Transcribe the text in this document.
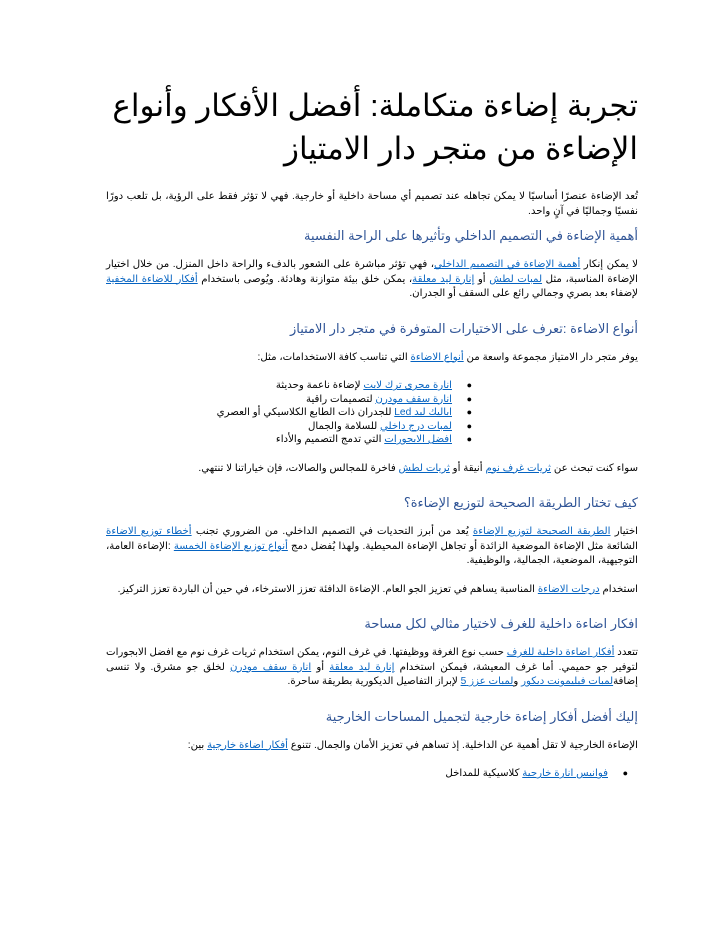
تجربة إضاءة متكاملة: أفضل الأفكار وأنواع الإضاءة من متجر دار الامتياز

تُعد الإضاءة عنصرًا أساسيًا لا يمكن تجاهله عند تصميم أي مساحة داخلية أو خارجية. فهي لا تؤثر فقط على الرؤية، بل تلعب دورًا نفسيًا وجماليًا في آنٍ واحد.

أهمية الإضاءة في التصميم الداخلي وتأثيرها على الراحة النفسية

لا يمكن إنكار أهمية الإضاءة في التصميم الداخلي، فهي تؤثر مباشرة على الشعور بالدفء والراحة داخل المنزل. من خلال اختيار الإضاءة المناسبة، مثل لمبات لطش أو إنارة ليد معلقة، يمكن خلق بيئة متوازنة وهادئة. ويُوصى باستخدام أفكار للاضاءة المخفية لإضفاء بعد بصري وجمالي رائع على السقف أو الجدران.

أنواع الاضاءة :تعرف على الاختيارات المتوفرة في متجر دار الامتياز

يوفر متجر دار الامتياز مجموعة واسعة من أنواع الاضاءة التي تناسب كافة الاستخدامات، مثل:

●
انارة مجرى ترك لايت لإضاءة ناعمة وحديثة
●
انارة سقف مودرن لتصميمات راقية
●
اباليك ليد Led للجدران ذات الطابع الكلاسيكي أو العصري
●
لمبات درج داخلي للسلامة والجمال
●
افضل الابجورات التي تدمج التصميم والأداء

سواء كنت تبحث عن ثريات غرف نوم أنيقة أو ثريات لطش فاخرة للمجالس والصالات، فإن خياراتنا لا تنتهي.

كيف تختار الطريقة الصحيحة لتوزيع الإضاءة؟

اختيار الطريقة الصحيحة لتوزيع الإضاءة يُعد من أبرز التحديات في التصميم الداخلي. من الضروري تجنب أخطاء توزيع الاضاءة الشائعة مثل الإضاءة الموضعية الزائدة أو تجاهل الإضاءة المحيطية. ولهذا يُفضل دمج أنواع توزيع الإضاءة الخمسة :الإضاءة العامة، التوجيهية، الموضعية، الجمالية، والوظيفية.

استخدام درجات الاضاءة المناسبة يساهم في تعزيز الجو العام. الإضاءة الدافئة تعزز الاسترخاء، في حين أن الباردة تعزز التركيز.

افكار اضاءة داخلية للغرف لاختيار مثالي لكل مساحة

تتعدد أفكار اضاءة داخلية للغرف حسب نوع الغرفة ووظيفتها. في غرف النوم، يمكن استخدام ثريات غرف نوم مع افضل الابجورات لتوفير جو حميمي. أما غرف المعيشة، فيمكن استخدام إنارة ليد معلقة أو انارة سقف مودرن لخلق جو مشرق. ولا تنسى إضافةلمبات فيليمونت ديكور ولمبات عزز 5 لإبراز التفاصيل الديكورية بطريقة ساحرة.

إليك أفضل أفكار إضاءة خارجية لتجميل المساحات الخارجية

الإضاءة الخارجية لا تقل أهمية عن الداخلية. إذ تساهم في تعزيز الأمان والجمال. تتنوع أفكار اضاءة خارجية بين:

●
فوانيس انارة خارجية كلاسيكية للمداخل
